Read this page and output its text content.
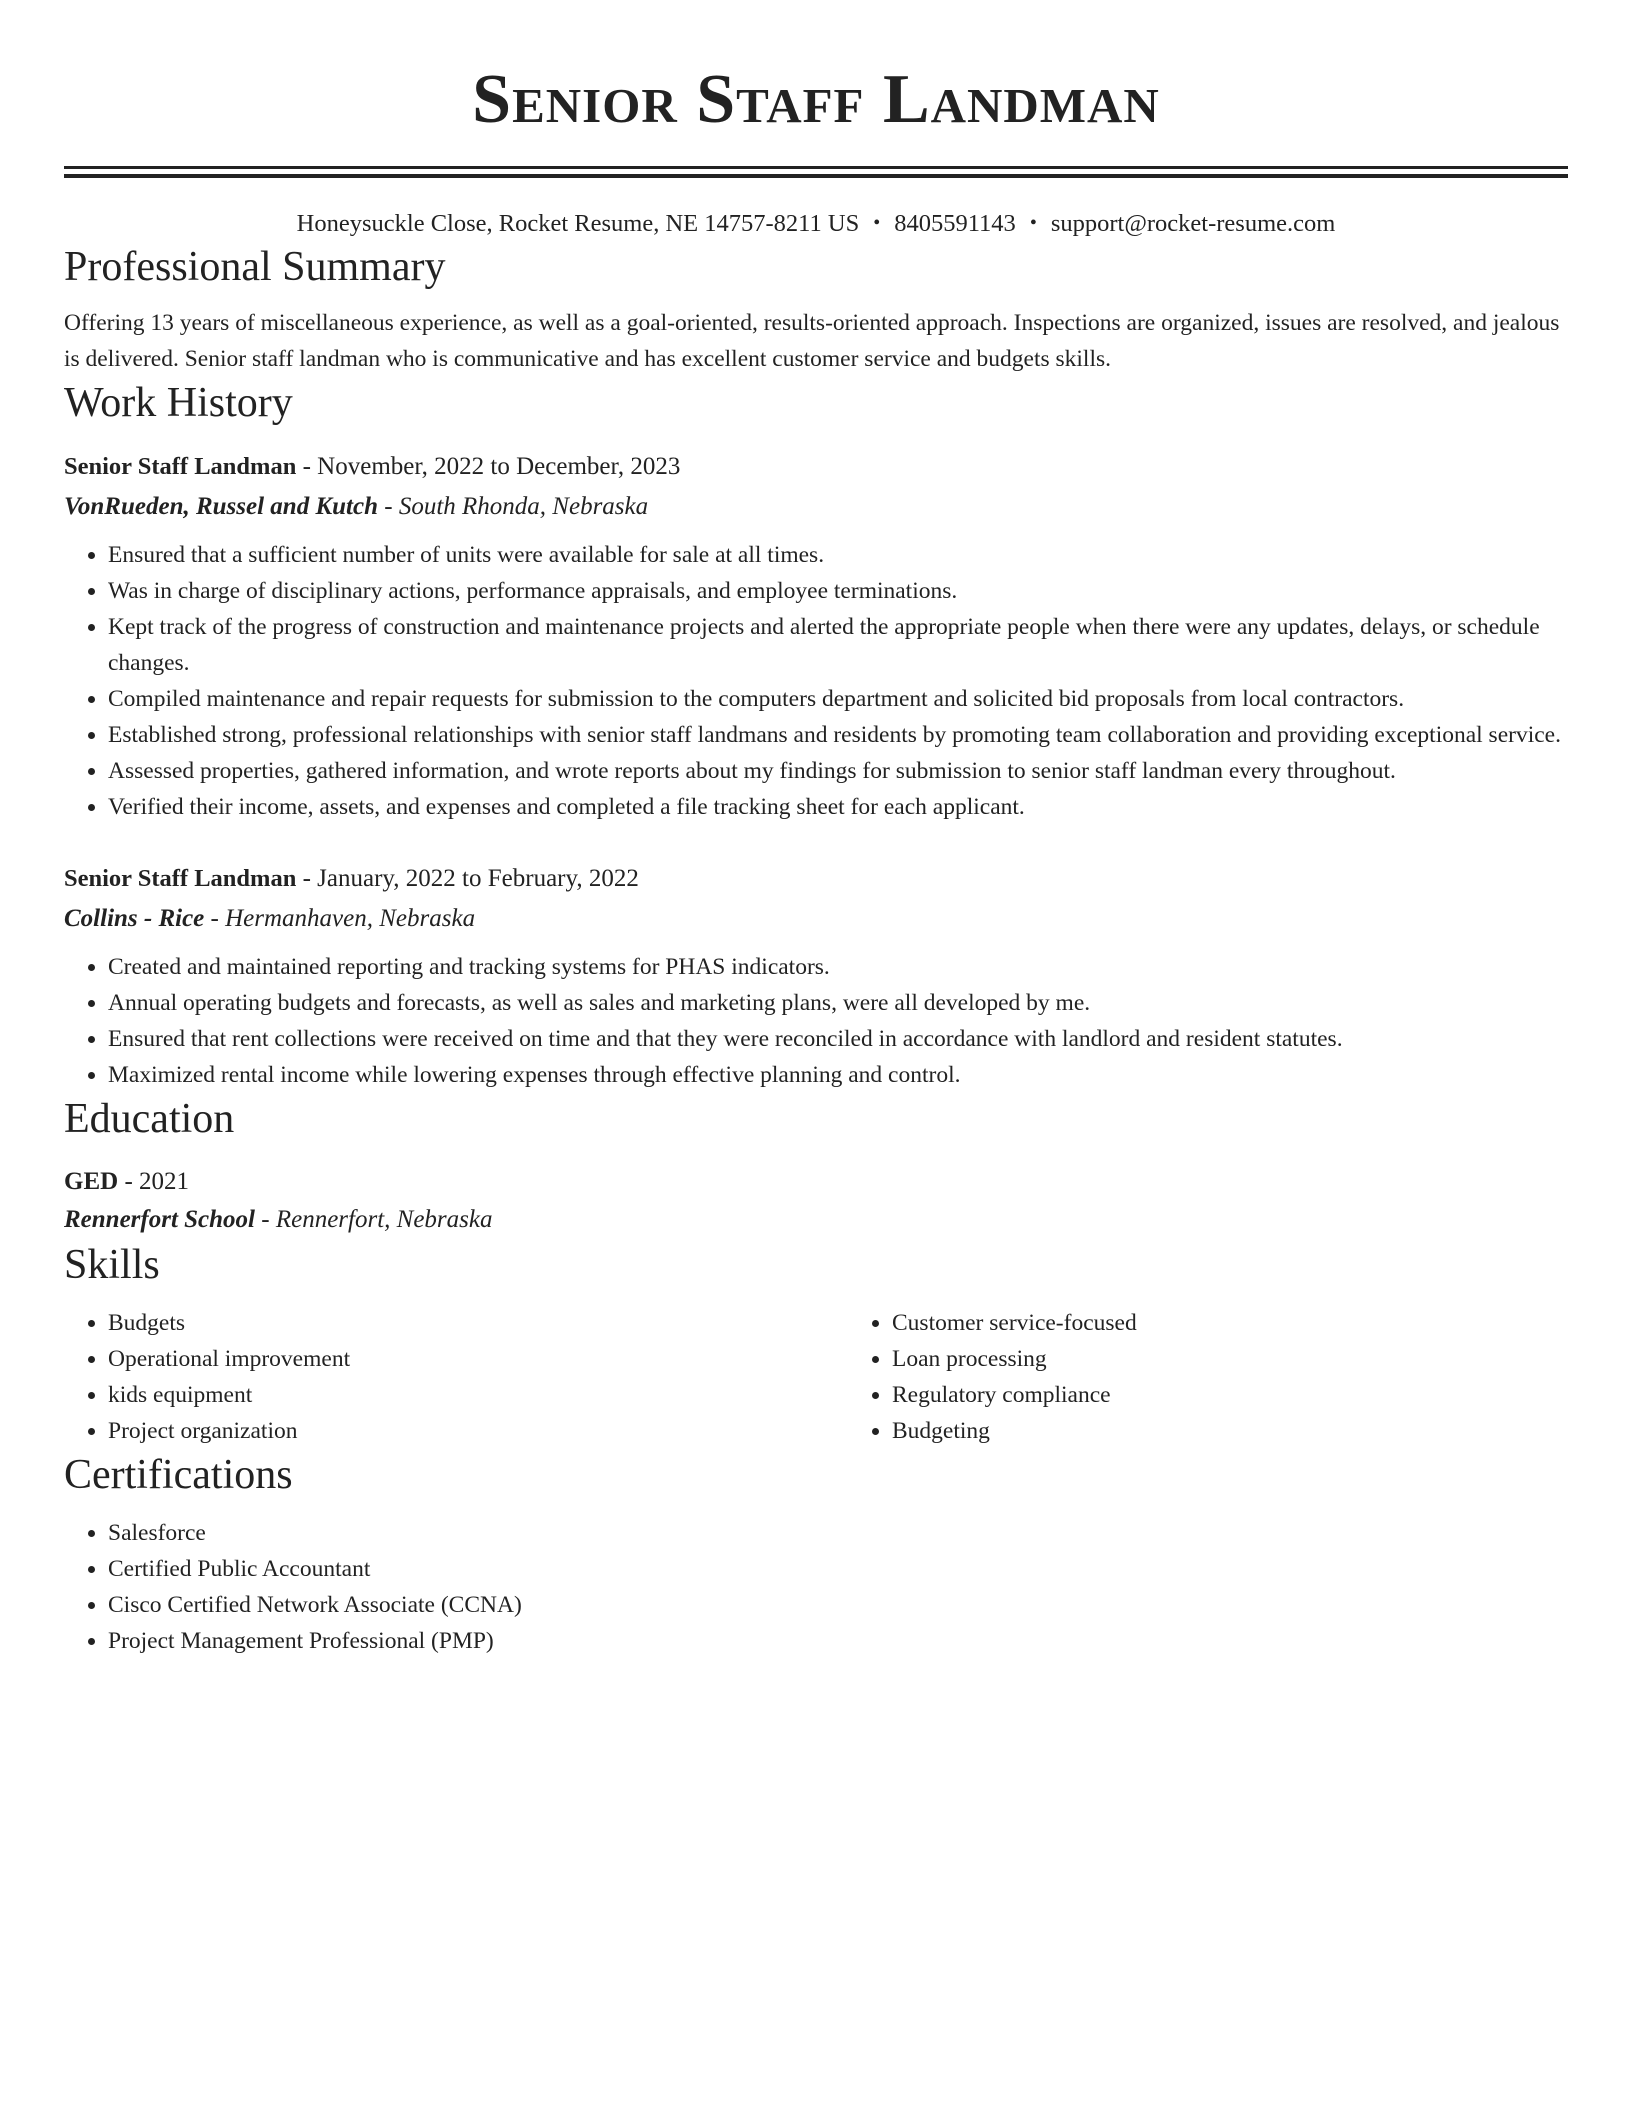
Senior Staff Landman
Honeysuckle Close, Rocket Resume, NE 14757-8211 US • 8405591143 • support@rocket-resume.com
Professional Summary

Offering 13 years of miscellaneous experience, as well as a goal-oriented, results-oriented approach. Inspections are organized, issues are resolved, and jealous is delivered. Senior staff landman who is communicative and has excellent customer service and budgets skills.

Work History
Senior Staff Landman - November, 2022 to December, 2023
VonRueden, Russel and Kutch - South Rhonda, Nebraska
• Ensured that a sufficient number of units were available for sale at all times.
• Was in charge of disciplinary actions, performance appraisals, and employee terminations.
• Kept track of the progress of construction and maintenance projects and alerted the appropriate people when there were any updates, delays, or schedule changes.
• Compiled maintenance and repair requests for submission to the computers department and solicited bid proposals from local contractors.
• Established strong, professional relationships with senior staff landmans and residents by promoting team collaboration and providing exceptional service.
• Assessed properties, gathered information, and wrote reports about my findings for submission to senior staff landman every throughout.
• Verified their income, assets, and expenses and completed a file tracking sheet for each applicant.
Senior Staff Landman - January, 2022 to February, 2022
Collins - Rice - Hermanhaven, Nebraska
• Created and maintained reporting and tracking systems for PHAS indicators.
• Annual operating budgets and forecasts, as well as sales and marketing plans, were all developed by me.
• Ensured that rent collections were received on time and that they were reconciled in accordance with landlord and resident statutes.
• Maximized rental income while lowering expenses through effective planning and control.
Education
GED - 2021
Rennerfort School - Rennerfort, Nebraska
Skills
• Budgets
• Operational improvement
• kids equipment
• Project organization
• Customer service-focused
• Loan processing
• Regulatory compliance
• Budgeting
Certifications
• Salesforce
• Certified Public Accountant
• Cisco Certified Network Associate (CCNA)
• Project Management Professional (PMP)
